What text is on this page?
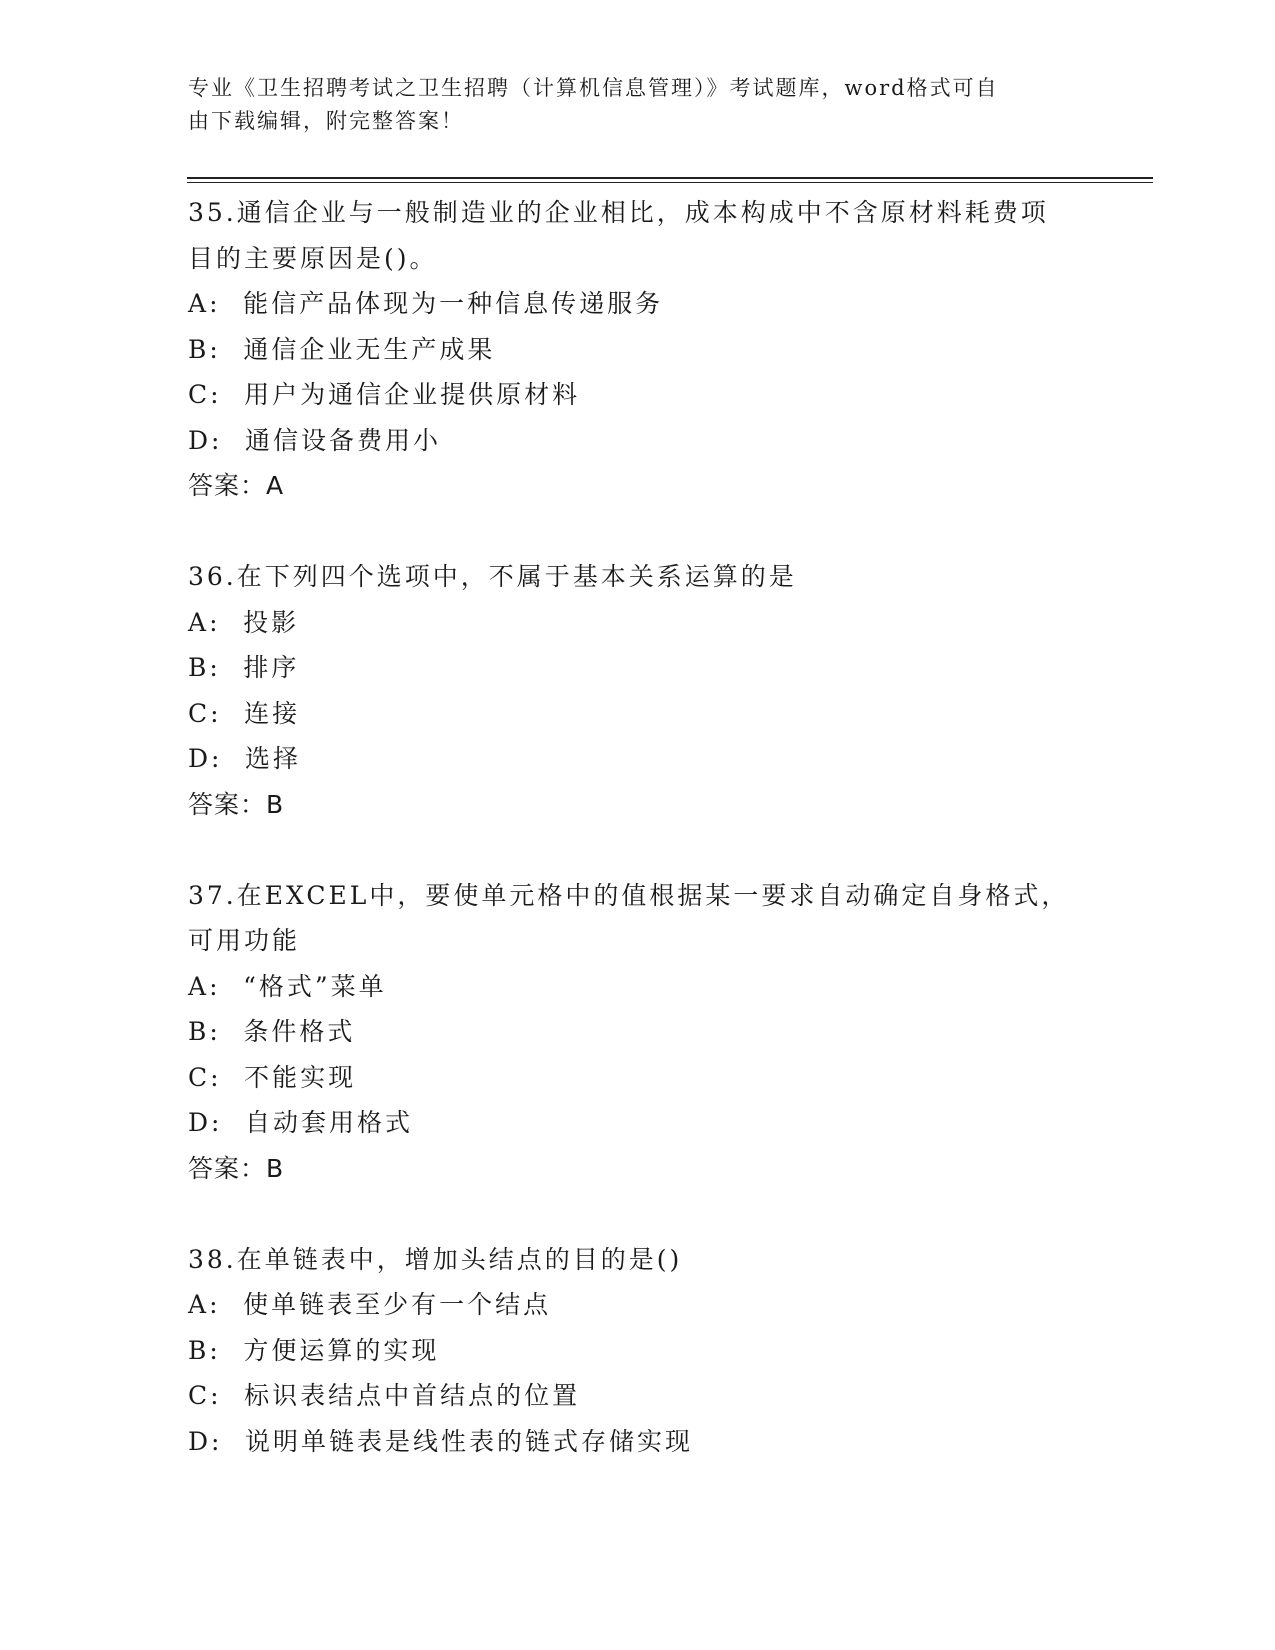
专业《卫生招聘考试之卫生招聘（计算机信息管理）》考试题库，word格式可自
由下载编辑，附完整答案！

35.通信企业与一般制造业的企业相比，成本构成中不含原材料耗费项

目的主要原因是()。

A: 能信产品体现为一种信息传递服务

B: 通信企业无生产成果

C: 用户为通信企业提供原材料

D: 通信设备费用小

答案：A

36.在下列四个选项中，不属于基本关系运算的是

A: 投影

B: 排序

C: 连接

D: 选择

答案：B

37.在EXCEL中，要使单元格中的值根据某一要求自动确定自身格式，

可用功能

A: “格式”菜单

B: 条件格式

C: 不能实现

D: 自动套用格式

答案：B

38.在单链表中，增加头结点的目的是()

A: 使单链表至少有一个结点

B: 方便运算的实现

C: 标识表结点中首结点的位置

D: 说明单链表是线性表的链式存储实现
